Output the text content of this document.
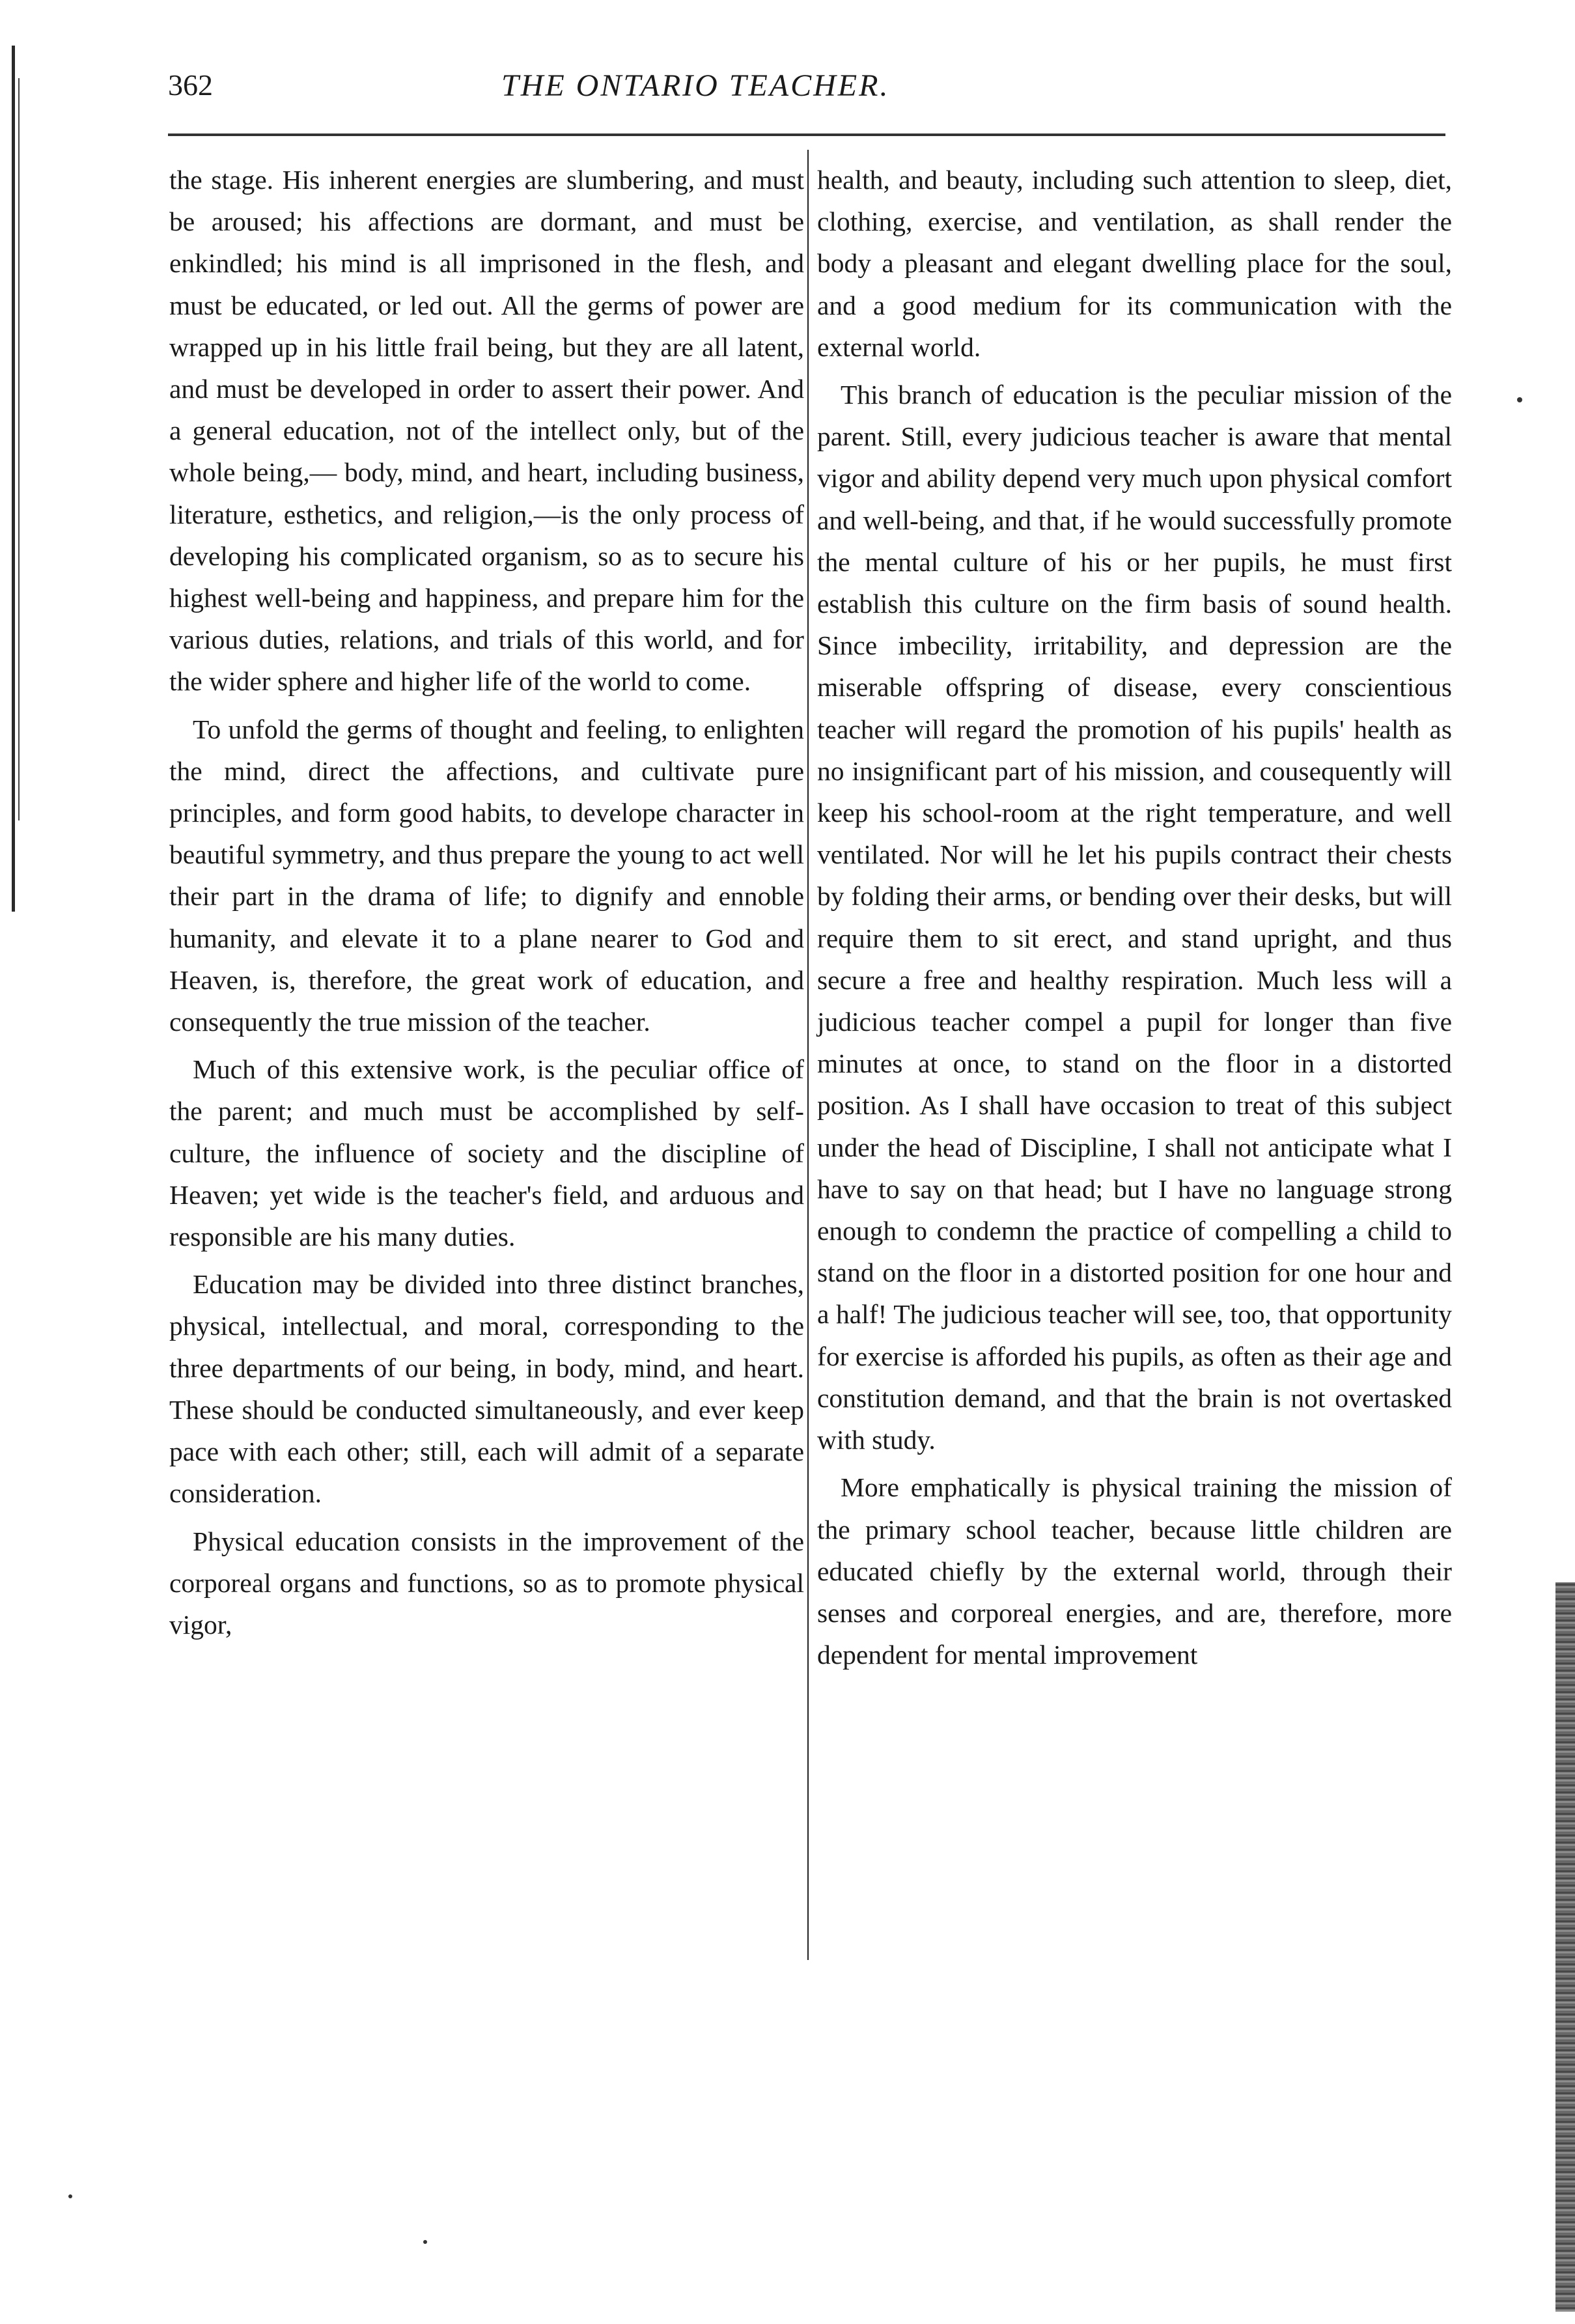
362	THE ONTARIO TEACHER.

the stage. His inherent energies are slumbering, and must be aroused; his affections are dormant, and must be enkindled; his mind is all imprisoned in the flesh, and must be educated, or led out. All the germs of power are wrapped up in his little frail being, but they are all latent, and must be developed in order to assert their power. And a general education, not of the intellect only, but of the whole being,— body, mind, and heart, including business, literature, esthetics, and religion,—is the only process of developing his complicated organism, so as to secure his highest well-being and happiness, and prepare him for the various duties, relations, and trials of this world, and for the wider sphere and higher life of the world to come.

To unfold the germs of thought and feeling, to enlighten the mind, direct the affections, and cultivate pure principles, and form good habits, to develope character in beautiful symmetry, and thus prepare the young to act well their part in the drama of life; to dignify and ennoble humanity, and elevate it to a plane nearer to God and Heaven, is, therefore, the great work of education, and consequently the true mission of the teacher.

Much of this extensive work, is the peculiar office of the parent; and much must be accomplished by self-culture, the influence of society and the discipline of Heaven; yet wide is the teacher's field, and arduous and responsible are his many duties.

Education may be divided into three distinct branches, physical, intellectual, and moral, corresponding to the three departments of our being, in body, mind, and heart. These should be conducted simultaneously, and ever keep pace with each other; still, each will admit of a separate consideration.

Physical education consists in the improvement of the corporeal organs and functions, so as to promote physical vigor,

health, and beauty, including such attention to sleep, diet, clothing, exercise, and ventilation, as shall render the body a pleasant and elegant dwelling place for the soul, and a good medium for its communication with the external world.

This branch of education is the peculiar mission of the parent. Still, every judicious teacher is aware that mental vigor and ability depend very much upon physical comfort and well-being, and that, if he would successfully promote the mental culture of his or her pupils, he must first establish this culture on the firm basis of sound health. Since imbecility, irritability, and depression are the miserable offspring of disease, every conscientious teacher will regard the promotion of his pupils' health as no insignificant part of his mission, and cousequently will keep his school-room at the right temperature, and well ventilated. Nor will he let his pupils contract their chests by folding their arms, or bending over their desks, but will require them to sit erect, and stand upright, and thus secure a free and healthy respiration. Much less will a judicious teacher compel a pupil for longer than five minutes at once, to stand on the floor in a distorted position. As I shall have occasion to treat of this subject under the head of Discipline, I shall not anticipate what I have to say on that head; but I have no language strong enough to condemn the practice of compelling a child to stand on the floor in a distorted position for one hour and a half! The judicious teacher will see, too, that opportunity for exercise is afforded his pupils, as often as their age and constitution demand, and that the brain is not overtasked with study.

More emphatically is physical training the mission of the primary school teacher, because little children are educated chiefly by the external world, through their senses and corporeal energies, and are, therefore, more dependent for mental improvement
